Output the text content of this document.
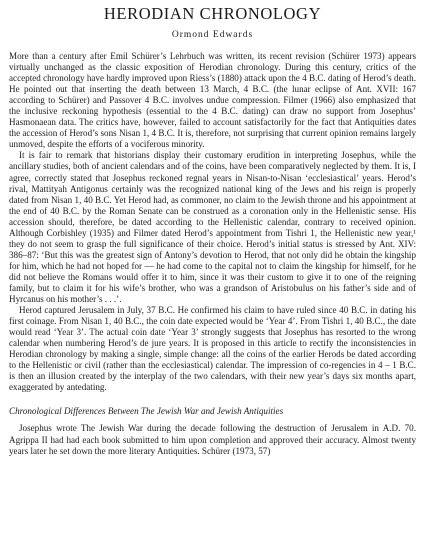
HERODIAN CHRONOLOGY
Ormond Edwards

More than a century after Emil Schürer’s Lehrbuch was written, its recent revision (Schürer 1973) appears virtually unchanged as the classic exposition of Herodian chronology. During this century, critics of the accepted chronology have hardly improved upon Riess’s (1880) attack upon the 4 B.C. dating of Herod’s death. He pointed out that inserting the death between 13 March, 4 B.C. (the lunar eclipse of Ant. XVII: 167 according to Schürer) and Passover 4 B.C. involves undue compression. Filmer (1966) also emphasized that the inclusive reckoning hypothesis (essential to the 4 B.C. dating) can draw no support from Josephus’ Hasmonaean data. The critics have, however, failed to account satisfactorily for the fact that Antiquities dates the accession of Herod’s sons Nisan 1, 4 B.C. It is, therefore, not surprising that current opinion remains largely unmoved, despite the efforts of a vociferous minority.

It is fair to remark that historians display their customary erudition in interpreting Josephus, while the ancillary studies, both of ancient calendars and of the coins, have been comparatively neglected by them. It is, I agree, correctly stated that Josephus reckoned regnal years in Nisan-to-Nisan ‘ecclesiastical’ years. Herod’s rival, Mattityah Antigonus certainly was the recognized national king of the Jews and his reign is properly dated from Nisan 1, 40 B.C. Yet Herod had, as commoner, no claim to the Jewish throne and his appointment at the end of 40 B.C. by the Roman Senate can be construed as a coronation only in the Hellenistic sense. His accession should, therefore, be dated according to the Hellenistic calendar, contrary to received opinion. Although Corbishley (1935) and Filmer dated Herod’s appointment from Tishri 1, the Hellenistic new year,¹ they do not seem to grasp the full significance of their choice. Herod’s initial status is stressed by Ant. XIV: 386–87: ‘But this was the greatest sign of Antony’s devotion to Herod, that not only did he obtain the kingship for him, which he had not hoped for — he had come to the capital not to claim the kingship for himself, for he did not believe the Romans would offer it to him, since it was their custom to give it to one of the reigning family, but to claim it for his wife’s brother, who was a grandson of Aristobulus on his father’s side and of Hyrcanus on his mother’s . . .’.

Herod captured Jerusalem in July, 37 B.C. He confirmed his claim to have ruled since 40 B.C. in dating his first coinage. From Nisan 1, 40 B.C., the coin date expected would be ‘Year 4’. From Tishri 1, 40 B.C., the date would read ‘Year 3’. The actual coin date ‘Year 3’ strongly suggests that Josephus has resorted to the wrong calendar when numbering Herod’s de jure years. It is proposed in this article to rectify the inconsistencies in Herodian chronology by making a single, simple change: all the coins of the earlier Herods be dated according to the Hellenistic or civil (rather than the ecclesiastical) calendar. The impression of co-regencies in 4 – 1 B.C. is then an illusion created by the interplay of the two calendars, with their new year’s days six months apart, exaggerated by antedating.

Chronological Differences Between The Jewish War and Jewish Antiquities

Josephus wrote The Jewish War during the decade following the destruction of Jerusalem in A.D. 70. Agrippa II had had each book submitted to him upon completion and approved their accuracy. Almost twenty years later he set down the more literary Antiquities. Schürer (1973, 57)
